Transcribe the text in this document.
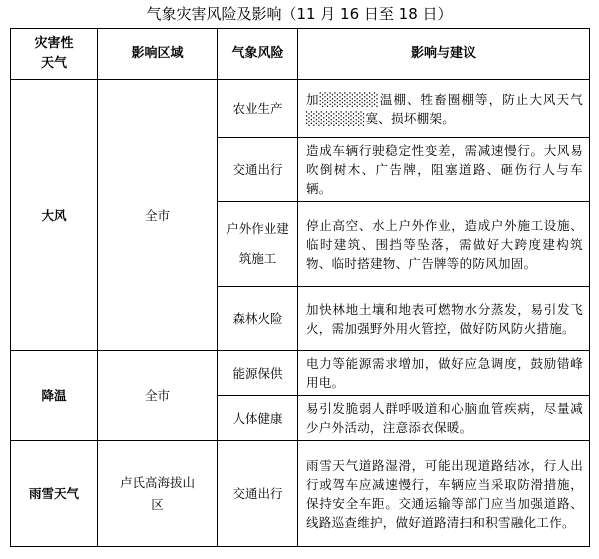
气象灾害风险及影响（11 月 16 日至 18 日）
灾害性天气	影响区域	气象风险	影响与建议
大风	全市	农业生产	加░░░░░░温棚、牲畜圈棚等，防止大风天气░░░░░░寞、损坏棚架。
		交通出行	造成车辆行驶稳定性变差，需减速慢行。大风易吹倒树木、广告牌，阻塞道路、砸伤行人与车辆。

		户外作业建筑施工	停止高空、水上户外作业，造成户外施工设施、临时建筑、围挡等坠落，需做好大跨度建构筑物、临时搭建物、广告牌等的防风加固。
		森林火险	加快林地土壤和地表可燃物水分蒸发，易引发飞火，需加强野外用火管控，做好防风防火措施。
降温	全市	能源保供	电力等能源需求增加，做好应急调度，鼓励错峰用电。
		人体健康	易引发脆弱人群呼吸道和心脑血管疾病，尽量减少户外活动，注意添衣保暖。
雨雪天气	卢氏高海拔山区	交通出行	雨雪天气道路湿滑，可能出现道路结冰，行人出行或驾车应减速慢行，车辆应当采取防滑措施，保持安全车距。交通运输等部门应当加强道路、线路巡查维护，做好道路清扫和积雪融化工作。
